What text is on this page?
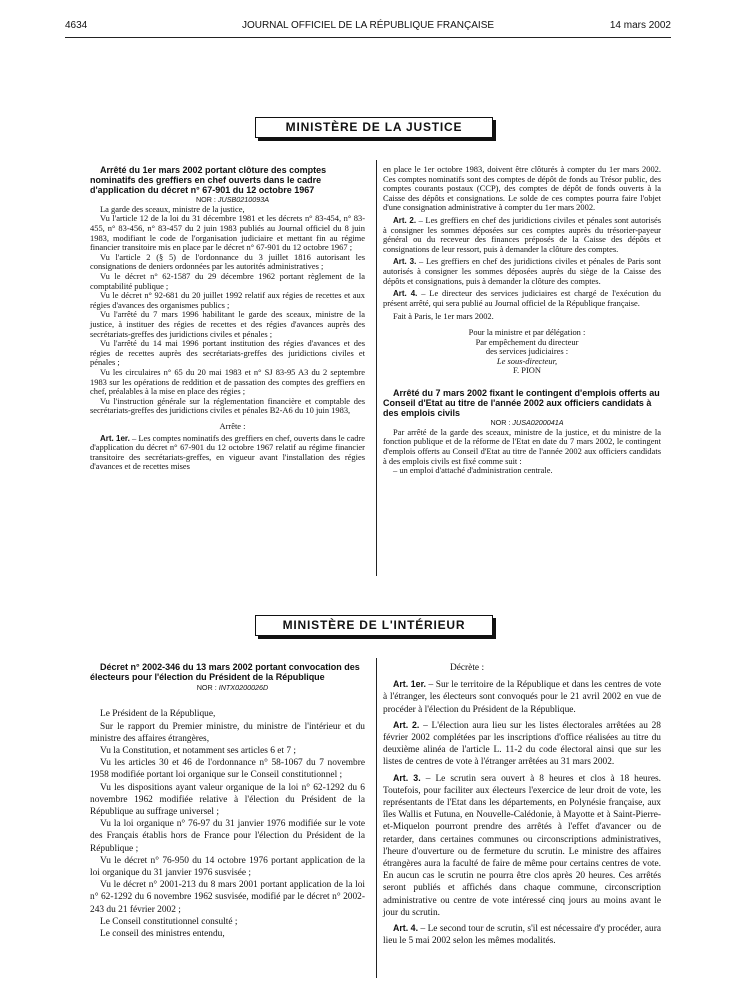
4634	JOURNAL OFFICIEL DE LA RÉPUBLIQUE FRANÇAISE	14 mars 2002
MINISTÈRE DE LA JUSTICE

Arrêté du 1er mars 2002 portant clôture des comptes nominatifs des greffiers en chef ouverts dans le cadre d'application du décret n° 67-901 du 12 octobre 1967

NOR : JUSB0210093A

La garde des sceaux, ministre de la justice,

Vu l'article 12 de la loi du 31 décembre 1981 et les décrets n° 83-454, n° 83-455, n° 83-456, n° 83-457 du 2 juin 1983 publiés au Journal officiel du 8 juin 1983, modifiant le code de l'organisation judiciaire et mettant fin au régime financier transitoire mis en place par le décret n° 67-901 du 12 octobre 1967 ;

Vu l'article 2 (§ 5) de l'ordonnance du 3 juillet 1816 autorisant les consignations de deniers ordonnées par les autorités administratives ;

Vu le décret n° 62-1587 du 29 décembre 1962 portant règlement de la comptabilité publique ;

Vu le décret n° 92-681 du 20 juillet 1992 relatif aux régies de recettes et aux régies d'avances des organismes publics ;

Vu l'arrêté du 7 mars 1996 habilitant le garde des sceaux, ministre de la justice, à instituer des régies de recettes et des régies d'avances auprès des secrétariats-greffes des juridictions civiles et pénales ;

Vu l'arrêté du 14 mai 1996 portant institution des régies d'avances et des régies de recettes auprès des secrétariats-greffes des juridictions civiles et pénales ;

Vu les circulaires n° 65 du 20 mai 1983 et n° SJ 83-95 A3 du 2 septembre 1983 sur les opérations de reddition et de passation des comptes des greffiers en chef, préalables à la mise en place des régies ;

Vu l'instruction générale sur la réglementation financière et comptable des secrétariats-greffes des juridictions civiles et pénales B2-A6 du 10 juin 1983,

Arrête :

Art. 1er. – Les comptes nominatifs des greffiers en chef, ouverts dans le cadre d'application du décret n° 67-901 du 12 octobre 1967 relatif au régime financier transitoire des secrétariats-greffes, en vigueur avant l'installation des régies d'avances et de recettes mises

en place le 1er octobre 1983, doivent être clôturés à compter du 1er mars 2002. Ces comptes nominatifs sont des comptes de dépôt de fonds au Trésor public, des comptes courants postaux (CCP), des comptes de dépôt de fonds ouverts à la Caisse des dépôts et consignations. Le solde de ces comptes pourra faire l'objet d'une consignation administrative à compter du 1er mars 2002.

Art. 2. – Les greffiers en chef des juridictions civiles et pénales sont autorisés à consigner les sommes déposées sur ces comptes auprès du trésorier-payeur général ou du receveur des finances préposés de la Caisse des dépôts et consignations de leur ressort, puis à demander la clôture des comptes.

Art. 3. – Les greffiers en chef des juridictions civiles et pénales de Paris sont autorisés à consigner les sommes déposées auprès du siège de la Caisse des dépôts et consignations, puis à demander la clôture des comptes.

Art. 4. – Le directeur des services judiciaires est chargé de l'exécution du présent arrêté, qui sera publié au Journal officiel de la République française.

Fait à Paris, le 1er mars 2002.

Pour la ministre et par délégation :

Par empêchement du directeur

des services judiciaires :

Le sous-directeur,

F. PION

Arrêté du 7 mars 2002 fixant le contingent d'emplois offerts au Conseil d'Etat au titre de l'année 2002 aux officiers candidats à des emplois civils

NOR : JUSA0200041A

Par arrêté de la garde des sceaux, ministre de la justice, et du ministre de la fonction publique et de la réforme de l'Etat en date du 7 mars 2002, le contingent d'emplois offerts au Conseil d'Etat au titre de l'année 2002 aux officiers candidats à des emplois civils est fixé comme suit :

– un emploi d'attaché d'administration centrale.

MINISTÈRE DE L'INTÉRIEUR

Décret n° 2002-346 du 13 mars 2002 portant convocation des électeurs pour l'élection du Président de la République

NOR : INTX0200026D

Le Président de la République,

Sur le rapport du Premier ministre, du ministre de l'intérieur et du ministre des affaires étrangères,

Vu la Constitution, et notamment ses articles 6 et 7 ;

Vu les articles 30 et 46 de l'ordonnance n° 58-1067 du 7 novembre 1958 modifiée portant loi organique sur le Conseil constitutionnel ;

Vu les dispositions ayant valeur organique de la loi n° 62-1292 du 6 novembre 1962 modifiée relative à l'élection du Président de la République au suffrage universel ;

Vu la loi organique n° 76-97 du 31 janvier 1976 modifiée sur le vote des Français établis hors de France pour l'élection du Président de la République ;

Vu le décret n° 76-950 du 14 octobre 1976 portant application de la loi organique du 31 janvier 1976 susvisée ;

Vu le décret n° 2001-213 du 8 mars 2001 portant application de la loi n° 62-1292 du 6 novembre 1962 susvisée, modifié par le décret n° 2002-243 du 21 février 2002 ;

Le Conseil constitutionnel consulté ;

Le conseil des ministres entendu,

Décrète :

Art. 1er. – Sur le territoire de la République et dans les centres de vote à l'étranger, les électeurs sont convoqués pour le 21 avril 2002 en vue de procéder à l'élection du Président de la République.

Art. 2. – L'élection aura lieu sur les listes électorales arrêtées au 28 février 2002 complétées par les inscriptions d'office réalisées au titre du deuxième alinéa de l'article L. 11-2 du code électoral ainsi que sur les listes de centres de vote à l'étranger arrêtées au 31 mars 2002.

Art. 3. – Le scrutin sera ouvert à 8 heures et clos à 18 heures. Toutefois, pour faciliter aux électeurs l'exercice de leur droit de vote, les représentants de l'Etat dans les départements, en Polynésie française, aux îles Wallis et Futuna, en Nouvelle-Calédonie, à Mayotte et à Saint-Pierre-et-Miquelon pourront prendre des arrêtés à l'effet d'avancer ou de retarder, dans certaines communes ou circonscriptions administratives, l'heure d'ouverture ou de fermeture du scrutin. Le ministre des affaires étrangères aura la faculté de faire de même pour certains centres de vote. En aucun cas le scrutin ne pourra être clos après 20 heures. Ces arrêtés seront publiés et affichés dans chaque commune, circonscription administrative ou centre de vote intéressé cinq jours au moins avant le jour du scrutin.

Art. 4. – Le second tour de scrutin, s'il est nécessaire d'y procéder, aura lieu le 5 mai 2002 selon les mêmes modalités.
